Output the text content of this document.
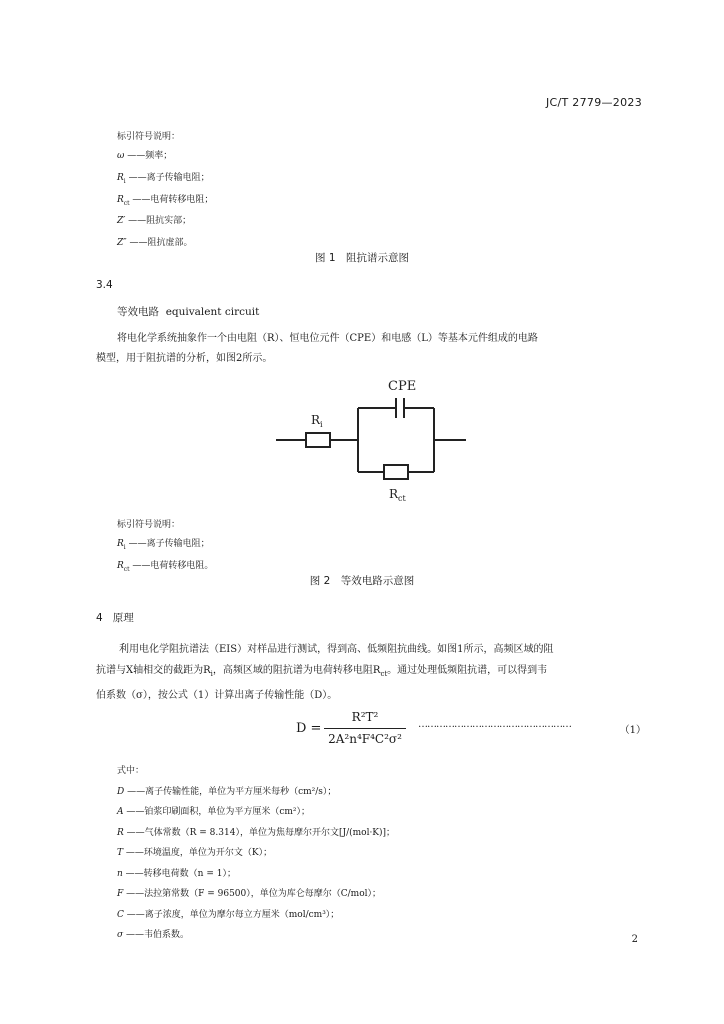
JC/T 2779—2023
标引符号说明：
ω ——频率；
$R_i$ ——离子传输电阻；
$R_{ct}$ ——电荷转移电阻；
Z′ ——阻抗实部；
Z″ ——阻抗虚部。
图 1　阻抗谱示意图
3.4
等效电路 equivalent circuit
将电化学系统抽象作一个由电阻（R）、恒电位元件（CPE）和电感（L）等基本元件组成的电路
模型，用于阻抗谱的分析，如图2所示。
CPE
$R_i$
$R_{ct}$
标引符号说明：
$R_i$ ——离子传输电阻；
$R_{ct}$ ——电荷转移电阻。
图 2　等效电路示意图
4 原理
利用电化学阻抗谱法（EIS）对样品进行测试，得到高、低频阻抗曲线。如图1所示，高频区域的阻
抗谱与X轴相交的截距为$R_i$，高频区域的阻抗谱为电荷转移电阻$R_{ct}$。通过处理低频阻抗谱，可以得到韦
伯系数（σ），按公式（1）计算出离子传输性能（D）。
D =
R²T²
2A²n⁴F⁴C²σ²
……………………………………………
（1）
式中：
D ——离子传输性能，单位为平方厘米每秒（cm²/s）；
A ——铂浆印刷面积，单位为平方厘米（cm²）；
R ——气体常数（R = 8.314），单位为焦每摩尔开尔文[J/(mol·K)]；
T ——环境温度，单位为开尔文（K）；
n ——转移电荷数（n = 1）；
F ——法拉第常数（F = 96500），单位为库仑每摩尔（C/mol）；
C ——离子浓度，单位为摩尔每立方厘米（mol/cm³）；
σ ——韦伯系数。	2
